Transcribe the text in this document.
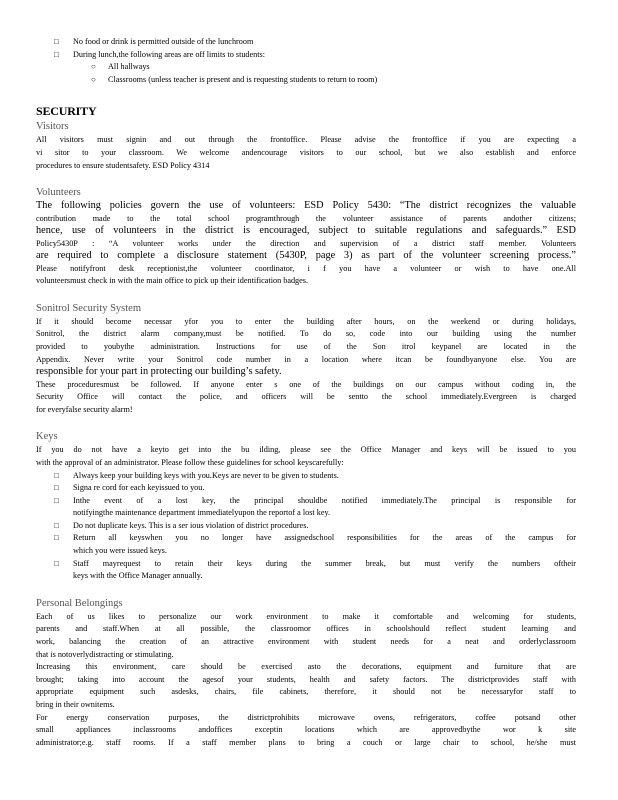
□	No food or drink is permitted outside of the lunchroom
□	During lunch,the following areas are off limits to students:
○	All hallways
○	Classrooms (unless teacher is present and is requesting students to return to room)
SECURITY
Visitors

All visitors must signin and out through the frontoffice. Please advise the frontoffice if you are expecting a

vi sitor to your classroom. We welcome andencourage visitors to our school, but we also establish and enforce

procedures to ensure studentsafety. ESD Policy 4314

Volunteers

The following policies govern the use of volunteers: ESD Policy 5430: “The district recognizes the valuable

contribution made to the total school programthrough the volunteer assistance of parents andother citizens;

hence, use of volunteers in the district is encouraged, subject to suitable regulations and safeguards.” ESD

Policy5430P : “A volunteer works under the direction and supervision of a district staff member. Volunteers

are required to complete a disclosure statement (5430P, page 3) as part of the volunteer screening process.”

Please notifyfront desk receptionist,the volunteer coordinator, i f you have a volunteer or wish to have one.All

volunteersmust check in with the main office to pick up their identification badges.

Sonitrol Security System

If it should become necessar yfor you to enter the building after hours, on the weekend or during holidays,

Sonitrol, the district alarm company,must be notified. To do so, code into our building using the number

provided to youbythe administration. Instructions for use of the Son itrol keypanel are located in the

Appendix. Never write your Sonitrol code number in a location where itcan be foundbyanyone else. You are

responsible for your part in protecting our building’s safety.

These proceduresmust be followed. If anyone enter s one of the buildings on our campus without coding in, the

Security Office will contact the police, and officers will be sentto the school immediately.Evergreen is charged

for everyfalse security alarm!

Keys

If you do not have a keyto get into the bu ilding, please see the Office Manager and keys will be issued to you

with the approval of an administrator. Please follow these guidelines for school keyscarefully:

□	Always keep your building keys with you.Keys are never to be given to students.
□	Signa re cord for each keyissued to you.
□	Inthe event of a lost key, the principal shouldbe notified immediately.The principal is responsible for
notifyingthe maintenance department immediatelyupon the reportof a lost key.
□	Do not duplicate keys. This is a ser ious violation of district procedures.
□	Return all keyswhen you no longer have assignedschool responsibilities for the areas of the campus for
which you were issued keys.
□	Staff mayrequest to retain their keys during the summer break, but must verify the numbers oftheir
keys with the Office Manager annually.
Personal Belongings

Each of us likes to personalize our work environment to make it comfortable and welcoming for students,

parents and staff.When at all possible, the classroomor offices in schoolshould reflect student learning and

work, balancing the creation of an attractive environment with student needs for a neat and orderlyclassroom

that is notoverlydistracting or stimulating.

Increasing this environment, care should be exercised asto the decorations, equipment and furniture that are

brought; taking into account the agesof your students, health and safety factors. The districtprovides staff with

appropriate equipment such asdesks, chairs, file cabinets, therefore, it should not be necessaryfor staff to

bring in their ownitems.

For energy conservation purposes, the districtprohibits microwave ovens, refrigerators, coffee potsand other

small appliances inclassrooms andoffices exceptin locations which are approvedbythe wor k site

administrator;e.g. staff rooms. If a staff member plans to bring a couch or large chair to school, he/she must
